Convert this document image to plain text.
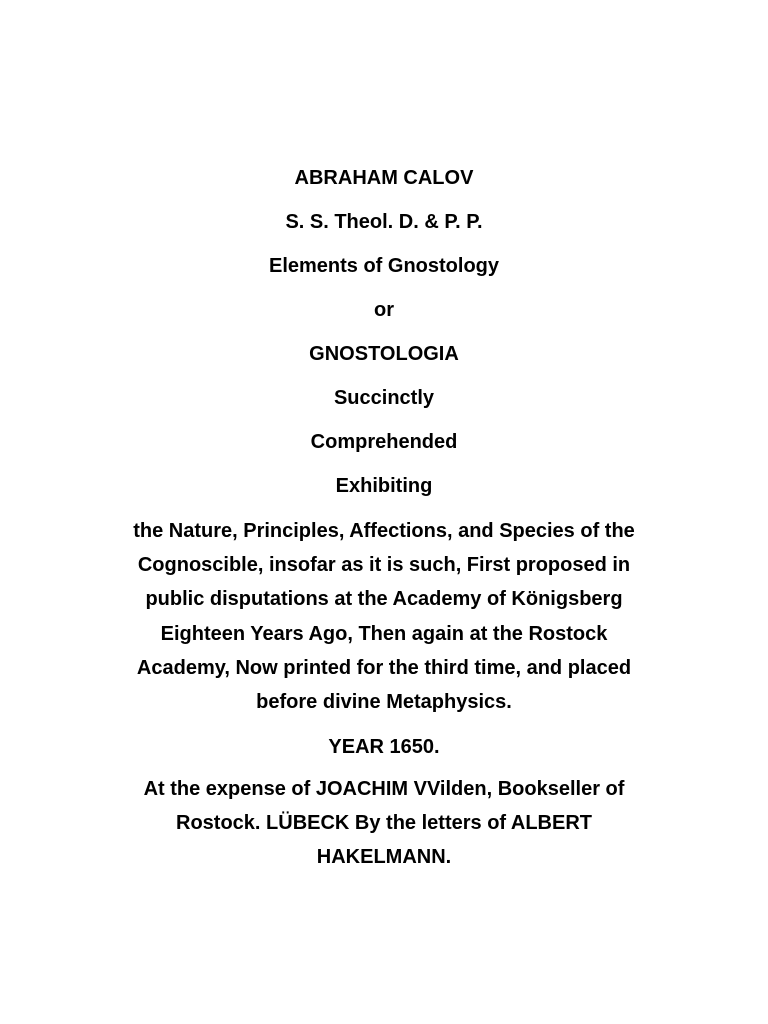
ABRAHAM CALOV
S. S. Theol. D. & P. P.
Elements of Gnostology
or
GNOSTOLOGIA
Succinctly
Comprehended
Exhibiting
the Nature, Principles, Affections, and Species of the
Cognoscible, insofar as it is such, First proposed in
public disputations at the Academy of Königsberg
Eighteen Years Ago, Then again at the Rostock
Academy, Now printed for the third time, and placed
before divine Metaphysics.
YEAR 1650.
At the expense of JOACHIM VVilden, Bookseller of
Rostock. LÜBECK By the letters of ALBERT
HAKELMANN.
